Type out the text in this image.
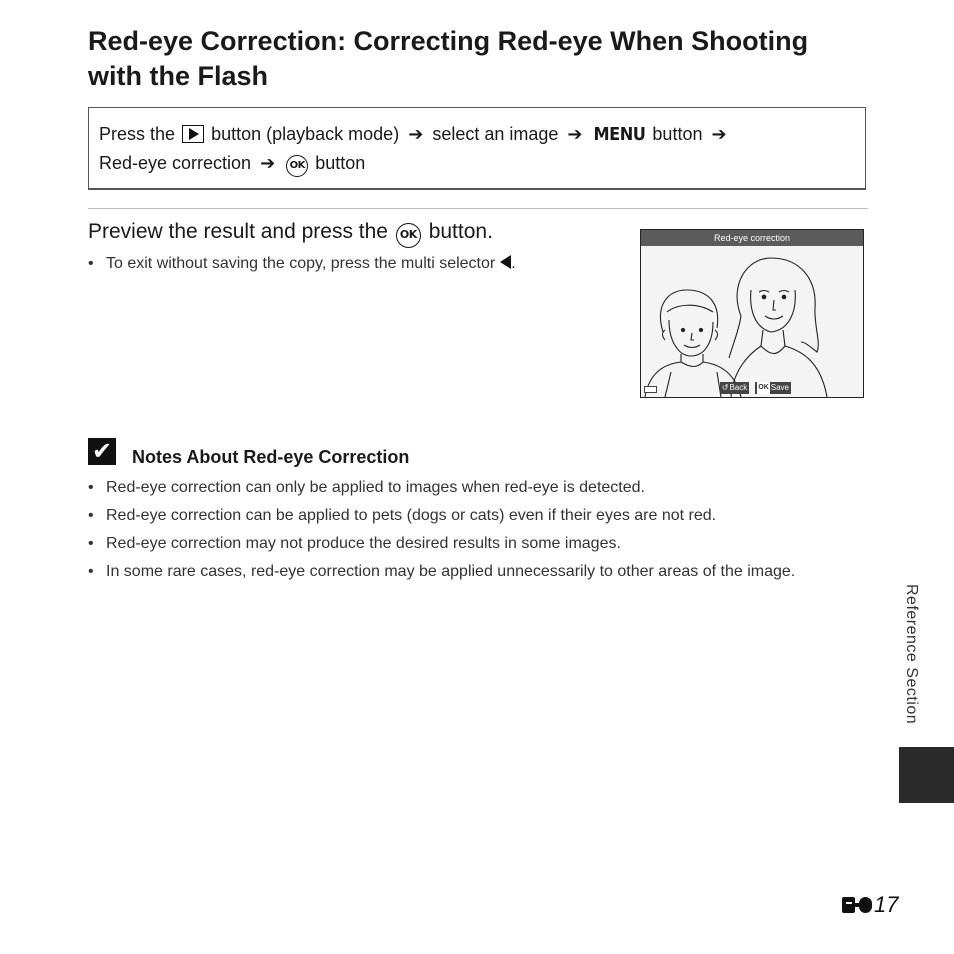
Red-eye Correction: Correcting Red-eye When Shooting with the Flash
Press the button (playback mode) ➔ select an image ➔ MENU button ➔
Red-eye correction ➔ OK button
Preview the result and press the OK button.
• To exit without saving the copy, press the multi selector .
Red-eye correction
↺ Back OK Save
✔ Notes About Red-eye Correction
• Red-eye correction can only be applied to images when red-eye is detected.
• Red-eye correction can be applied to pets (dogs or cats) even if their eyes are not red.
• Red-eye correction may not produce the desired results in some images.
• In some rare cases, red-eye correction may be applied unnecessarily to other areas of the image.
Reference Section
17
